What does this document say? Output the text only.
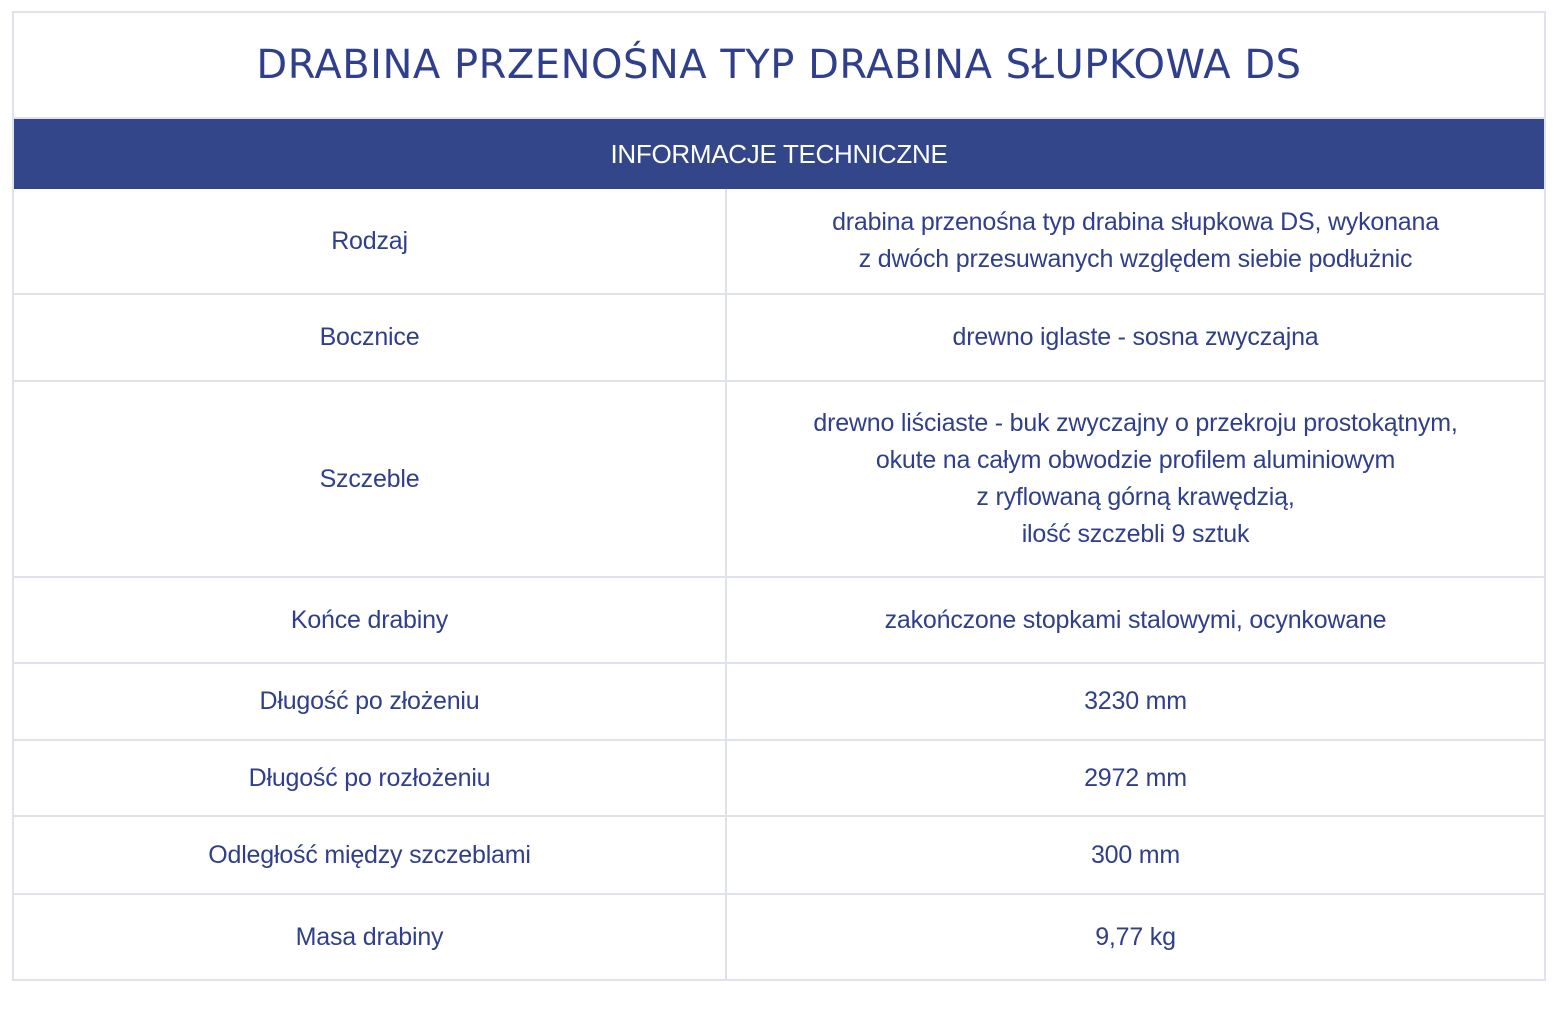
DRABINA PRZENOŚNA TYP DRABINA SŁUPKOWA DS
INFORMACJE TECHNICZNE
Rodzaj	drabina przenośna typ drabina słupkowa DS, wykonana
z dwóch przesuwanych względem siebie podłużnic

Bocznice	drewno iglaste - sosna zwyczajna

Szczeble	drewno liściaste - buk zwyczajny o przekroju prostokątnym,
okute na całym obwodzie profilem aluminiowym
z ryflowaną górną krawędzią,
ilość szczebli 9 sztuk

Końce drabiny	zakończone stopkami stalowymi, ocynkowane

Długość po złożeniu	3230 mm

Długość po rozłożeniu	2972 mm

Odległość między szczeblami	300 mm

Masa drabiny	9,77 kg
